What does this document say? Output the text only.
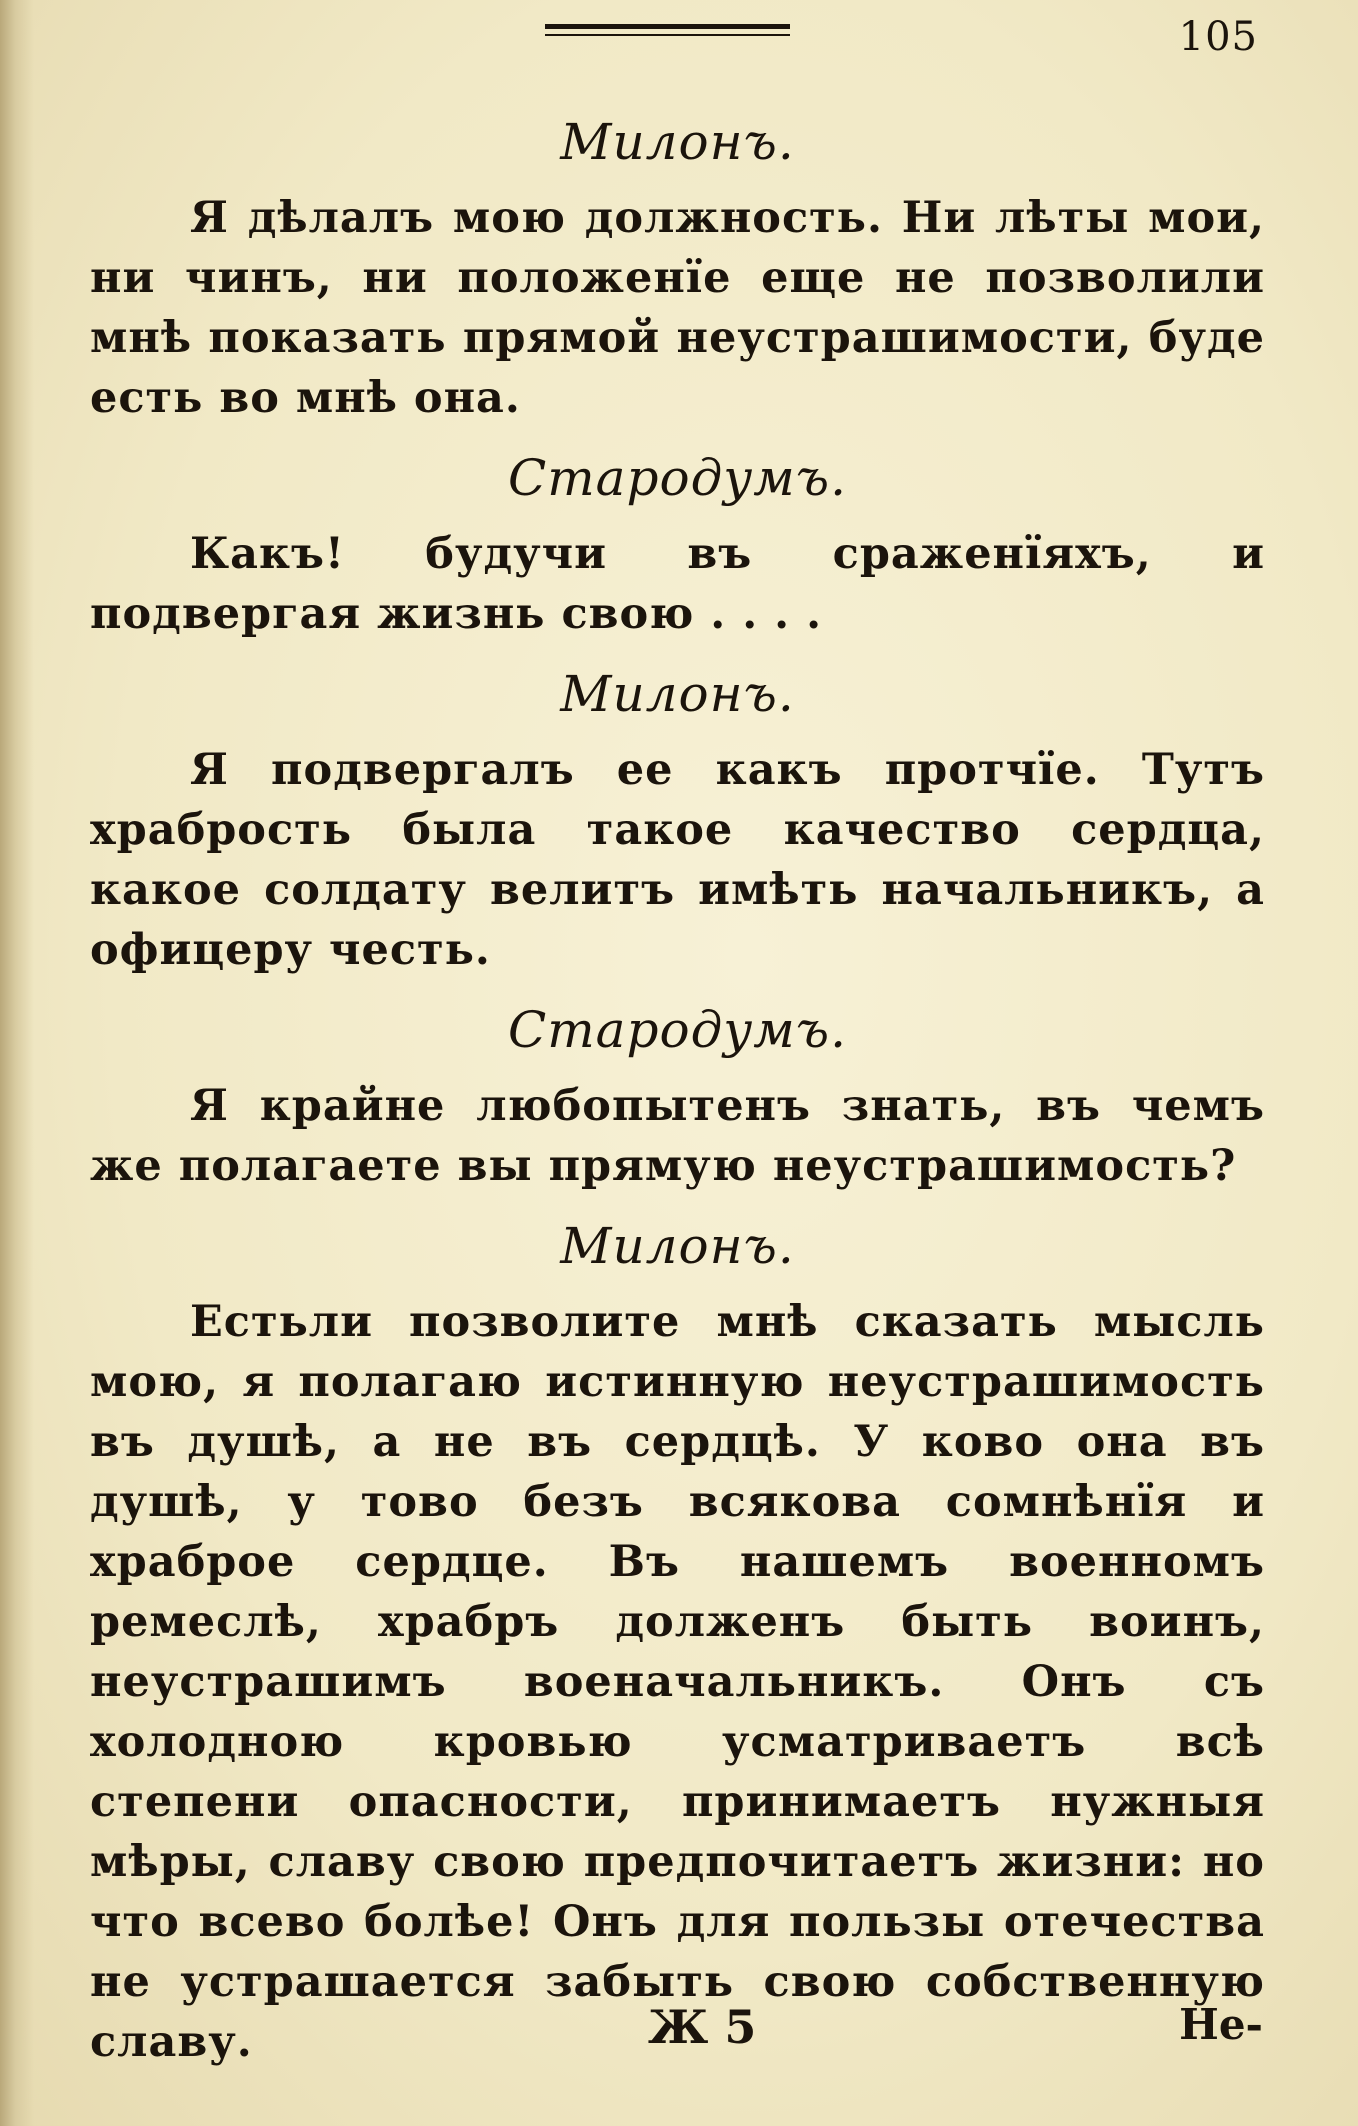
105
Милонъ.

Я дѣлалъ мою должность. Ни лѣты мои, ни чинъ, ни положенїе еще не позволили мнѣ показать прямой неустрашимости, буде есть во мнѣ она.

Стародумъ.

Какъ! будучи въ сраженїяхъ, и подвергая жизнь свою . . . .

Милонъ.

Я подвергалъ ее какъ протчїе. Тутъ храбрость была такое качество сердца, какое солдату велитъ имѣть начальникъ, а офицеру честь.

Стародумъ.

Я крайне любопытенъ знать, въ чемъ же полагаете вы прямую неустрашимость?

Милонъ.

Естьли позволите мнѣ сказать мысль мою, я полагаю истинную неустрашимость въ душѣ, а не въ сердцѣ. У ково она въ душѣ, у тово безъ всякова сомнѣнїя и храброе сердце. Въ нашемъ военномъ ремеслѣ, храбръ долженъ быть воинъ, неустрашимъ военачальникъ. Онъ съ холодною кровью усматриваетъ всѣ степени опасности, принимаетъ нужныя мѣры, славу свою предпочитаетъ жизни: но что всево болѣе! Онъ для пользы отечества не устрашается забыть свою собственную славу.	Ж 5	Не-
